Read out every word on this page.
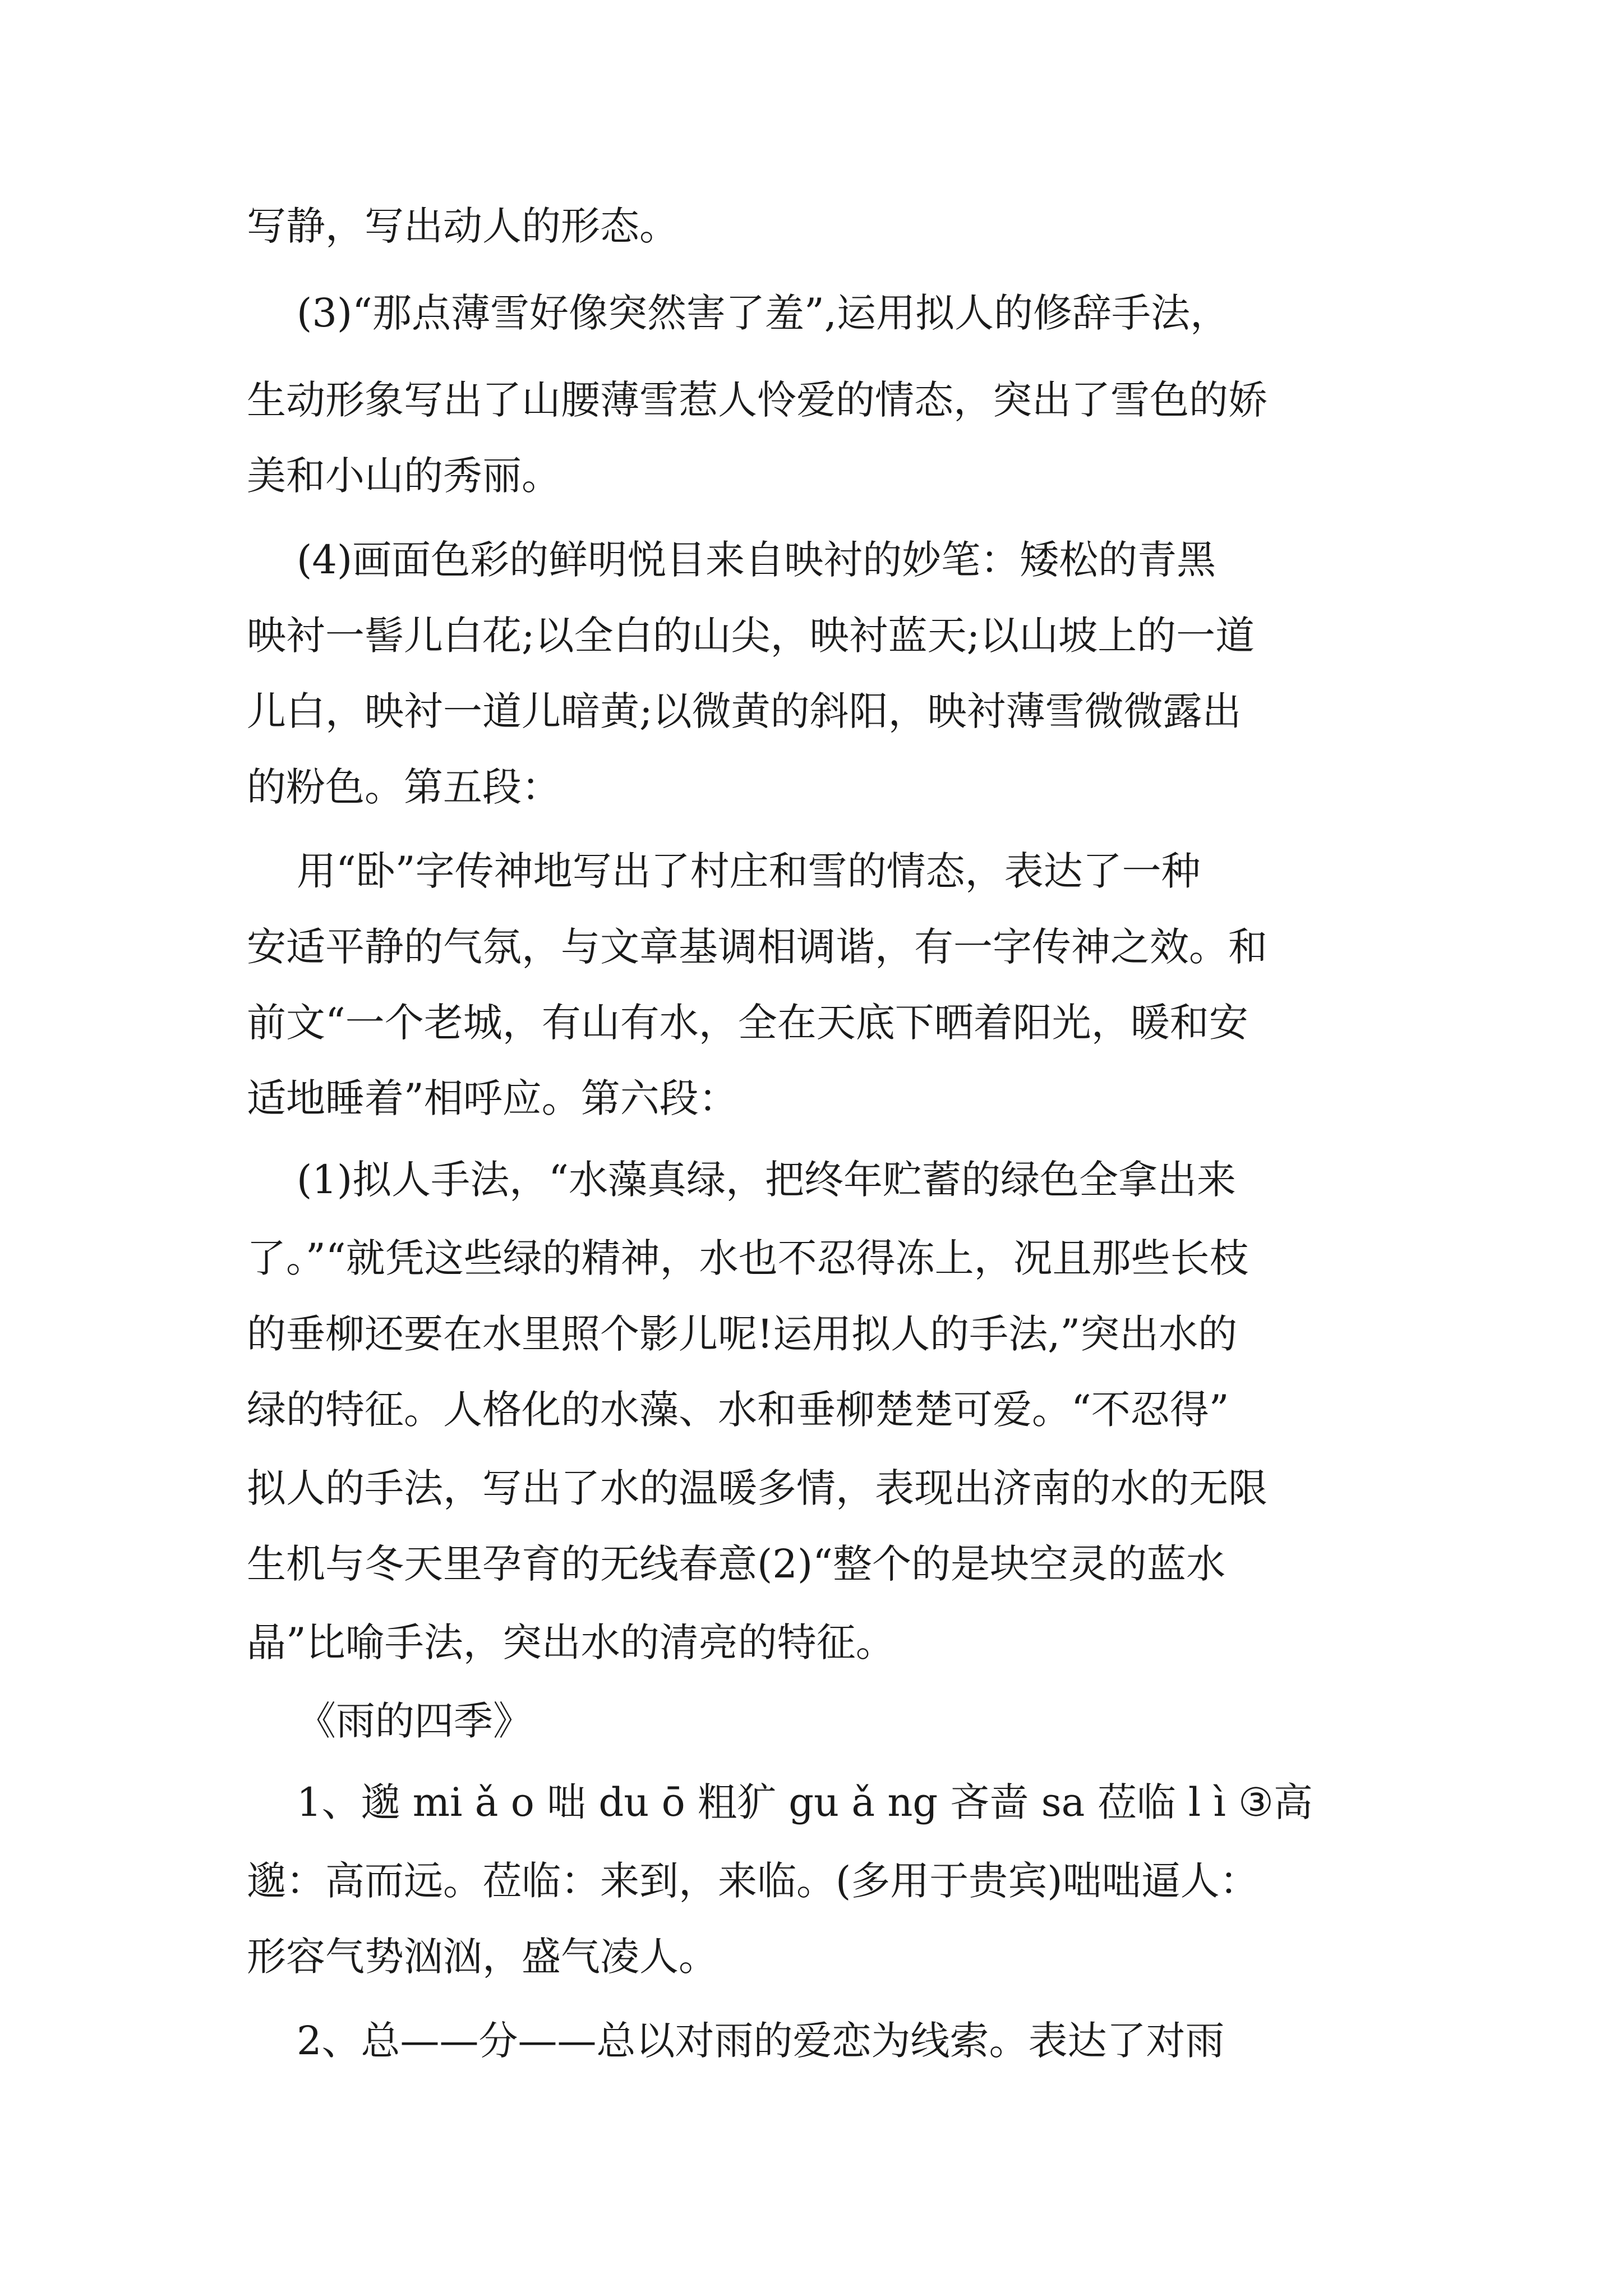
写静，写出动人的形态。
(3)“那点薄雪好像突然害了羞”,运用拟人的修辞手法，
生动形象写出了山腰薄雪惹人怜爱的情态，突出了雪色的娇
美和小山的秀丽。
(4)画面色彩的鲜明悦目来自映衬的妙笔：矮松的青黑
映衬一髻儿白花;以全白的山尖，映衬蓝天;以山坡上的一道
儿白，映衬一道儿暗黄;以微黄的斜阳，映衬薄雪微微露出
的粉色。第五段：
用“卧”字传神地写出了村庄和雪的情态，表达了一种
安适平静的气氛，与文章基调相调谐，有一字传神之效。和
前文“一个老城，有山有水，全在天底下晒着阳光，暖和安
适地睡着”相呼应。第六段：
(1)拟人手法，“水藻真绿，把终年贮蓄的绿色全拿出来
了。”“就凭这些绿的精神，水也不忍得冻上，况且那些长枝
的垂柳还要在水里照个影儿呢!运用拟人的手法,”突出水的
绿的特征。人格化的水藻、水和垂柳楚楚可爱。“不忍得”
拟人的手法，写出了水的温暖多情，表现出济南的水的无限
生机与冬天里孕育的无线春意(2)“整个的是块空灵的蓝水
晶”比喻手法，突出水的清亮的特征。
《雨的四季》
1、邈 mi ǎ o 咄 du ō 粗犷 gu ǎ ng 吝啬 sa 莅临 l ì ③高
邈：高而远。莅临：来到，来临。(多用于贵宾)咄咄逼人：
形容气势汹汹，盛气凌人。
2、总——分——总以对雨的爱恋为线索。表达了对雨
